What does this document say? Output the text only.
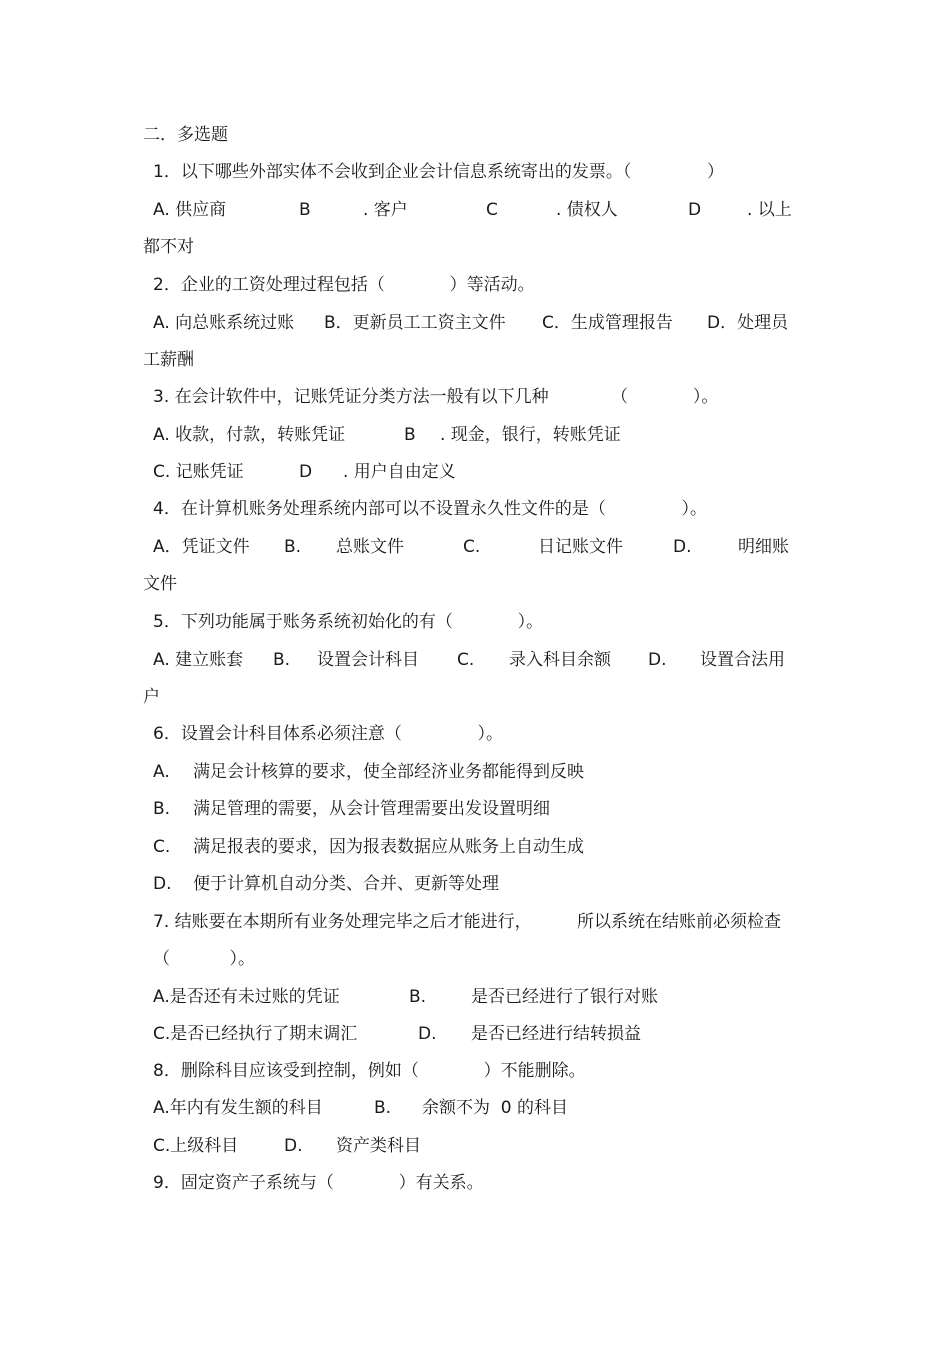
二．多选题
1．以下哪些外部实体不会收到企业会计信息系统寄出的发票。（              ）
A. 供应商	B	. 客户	C	. 债权人	D	. 以上
都不对
2．企业的工资处理过程包括（            ）等活动。
A. 向总账系统过账 B．更新员工工资主文件 C．生成管理报告 D．处理员
工薪酬
3. 在会计软件中，记账凭证分类方法一般有以下几种	（            ）。
A. 收款，付款，转账凭证	B . 现金，银行，转账凭证
C. 记账凭证	D . 用户自由定义
4．在计算机账务处理系统内部可以不设置永久性文件的是（              ）。
A．凭证文件 B. 总账文件	C.	日记账文件	D.	明细账
文件
5．下列功能属于账务系统初始化的有（            ）。
A. 建立账套 B. 设置会计科目 C. 录入科目余额 D. 设置合法用
户
6．设置会计科目体系必须注意（              ）。
A. 满足会计核算的要求，使全部经济业务都能得到反映
B. 满足管理的需要，从会计管理需要出发设置明细
C. 满足报表的要求，因为报表数据应从账务上自动生成
D. 便于计算机自动分类、合并、更新等处理
7. 结账要在本期所有业务处理完毕之后才能进行，	所以系统在结账前必须检查
（           ）。
A.是否还有未过账的凭证	B.	是否已经进行了银行对账
C.是否已经执行了期末调汇	D. 是否已经进行结转损益
8．删除科目应该受到控制，例如（            ）不能删除。
A.年内有发生额的科目	B. 余额不为  0 的科目
C.上级科目	D. 资产类科目
9．固定资产子系统与（            ）有关系。
